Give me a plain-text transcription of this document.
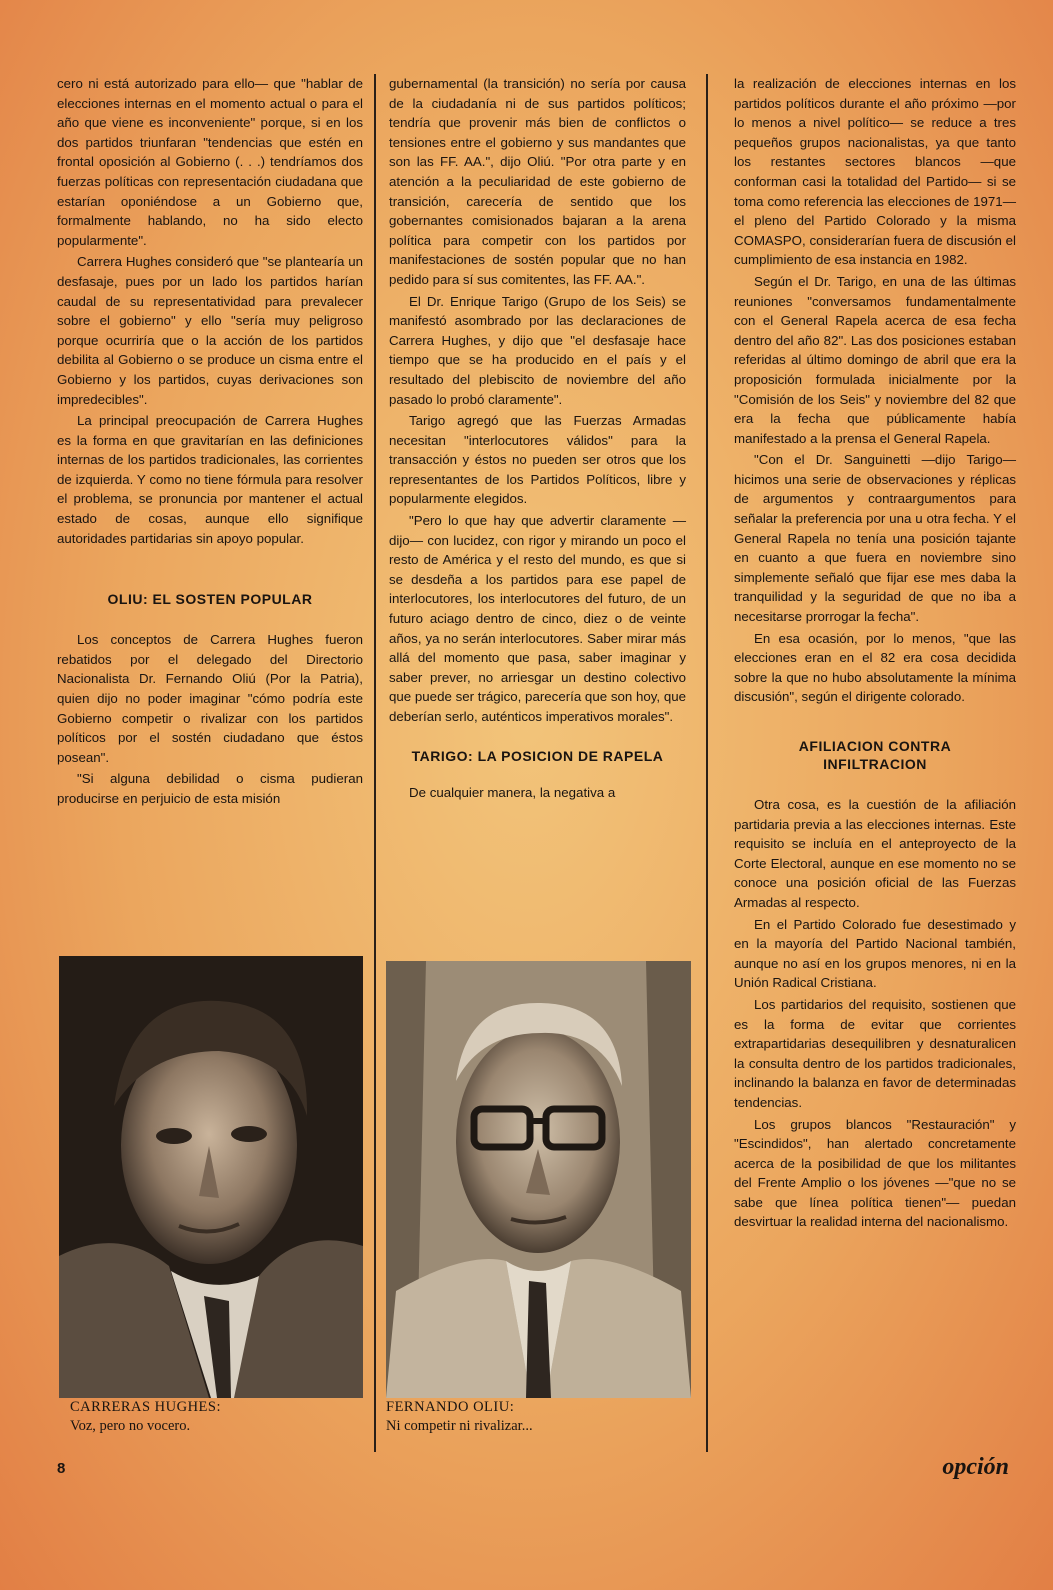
cero ni está autorizado para ello— que "hablar de elecciones internas en el momento actual o para el año que viene es inconveniente" porque, si en los dos partidos triunfaran "tendencias que estén en frontal oposición al Gobierno (. . .) tendríamos dos fuerzas políticas con representación ciudadana que estarían oponiéndose a un Gobierno que, formalmente hablando, no ha sido electo popularmente".

Carrera Hughes consideró que "se plantearía un desfasaje, pues por un lado los partidos harían caudal de su representatividad para prevalecer sobre el gobierno" y ello "sería muy peligroso porque ocurriría que o la acción de los partidos debilita al Gobierno o se produce un cisma entre el Gobierno y los partidos, cuyas derivaciones son impredecibles".

La principal preocupación de Carrera Hughes es la forma en que gravitarían en las definiciones internas de los partidos tradicionales, las corrientes de izquierda. Y como no tiene fórmula para resolver el problema, se pronuncia por mantener el actual estado de cosas, aunque ello signifique autoridades partidarias sin apoyo popular.

OLIU: EL SOSTEN POPULAR

Los conceptos de Carrera Hughes fueron rebatidos por el delegado del Directorio Nacionalista Dr. Fernando Oliú (Por la Patria), quien dijo no poder imaginar "cómo podría este Gobierno competir o rivalizar con los partidos políticos por el sostén ciudadano que éstos posean".

"Si alguna debilidad o cisma pudieran producirse en perjuicio de esta misión

gubernamental (la transición) no sería por causa de la ciudadanía ni de sus partidos políticos; tendría que provenir más bien de conflictos o tensiones entre el gobierno y sus mandantes que son las FF. AA.", dijo Oliú. "Por otra parte y en atención a la peculiaridad de este gobierno de transición, carecería de sentido que los gobernantes comisionados bajaran a la arena política para competir con los partidos por manifestaciones de sostén popular que no han pedido para sí sus comitentes, las FF. AA.".

El Dr. Enrique Tarigo (Grupo de los Seis) se manifestó asombrado por las declaraciones de Carrera Hughes, y dijo que "el desfasaje hace tiempo que se ha producido en el país y el resultado del plebiscito de noviembre del año pasado lo probó claramente".

Tarigo agregó que las Fuerzas Armadas necesitan "interlocutores válidos" para la transacción y éstos no pueden ser otros que los representantes de los Partidos Políticos, libre y popularmente elegidos.

"Pero lo que hay que advertir claramente —dijo— con lucidez, con rigor y mirando un poco el resto de América y el resto del mundo, es que si se desdeña a los partidos para ese papel de interlocutores, los interlocutores del futuro, de un futuro aciago dentro de cinco, diez o de veinte años, ya no serán interlocutores. Saber mirar más allá del momento que pasa, saber imaginar y saber prever, no arriesgar un destino colectivo que puede ser trágico, parecería que son hoy, que deberían serlo, auténticos imperativos morales".

TARIGO: LA POSICION DE RAPELA

De cualquier manera, la negativa a

la realización de elecciones internas en los partidos políticos durante el año próximo —por lo menos a nivel político— se reduce a tres pequeños grupos nacionalistas, ya que tanto los restantes sectores blancos —que conforman casi la totalidad del Partido— si se toma como referencia las elecciones de 1971— el pleno del Partido Colorado y la misma COMASPO, considerarían fuera de discusión el cumplimiento de esa instancia en 1982.

Según el Dr. Tarigo, en una de las últimas reuniones "conversamos fundamentalmente con el General Rapela acerca de esa fecha dentro del año 82". Las dos posiciones estaban referidas al último domingo de abril que era la proposición formulada inicialmente por la "Comisión de los Seis" y noviembre del 82 que era la fecha que públicamente había manifestado a la prensa el General Rapela.

"Con el Dr. Sanguinetti —dijo Tarigo— hicimos una serie de observaciones y réplicas de argumentos y contraargumentos para señalar la preferencia por una u otra fecha. Y el General Rapela no tenía una posición tajante en cuanto a que fuera en noviembre sino simplemente señaló que fijar ese mes daba la tranquilidad y la seguridad de que no iba a necesitarse prorrogar la fecha".

En esa ocasión, por lo menos, "que las elecciones eran en el 82 era cosa decidida sobre la que no hubo absolutamente la mínima discusión", según el dirigente colorado.

AFILIACION CONTRA
INFILTRACION

Otra cosa, es la cuestión de la afiliación partidaria previa a las elecciones internas. Este requisito se incluía en el anteproyecto de la Corte Electoral, aunque en ese momento no se conoce una posición oficial de las Fuerzas Armadas al respecto.

En el Partido Colorado fue desestimado y en la mayoría del Partido Nacional también, aunque no así en los grupos menores, ni en la Unión Radical Cristiana.

Los partidarios del requisito, sostienen que es la forma de evitar que corrientes extrapartidarias desequilibren y desnaturalicen la consulta dentro de los partidos tradicionales, inclinando la balanza en favor de determinadas tendencias.

Los grupos blancos "Restauración" y "Escindidos", han alertado concretamente acerca de la posibilidad de que los militantes del Frente Amplio o los jóvenes —"que no se sabe que línea política tienen"— puedan desvirtuar la realidad interna del nacionalismo.

CARRERAS HUGHES:
Voz, pero no vocero.
FERNANDO OLIU:
Ni competir ni rivalizar...
8	opción
